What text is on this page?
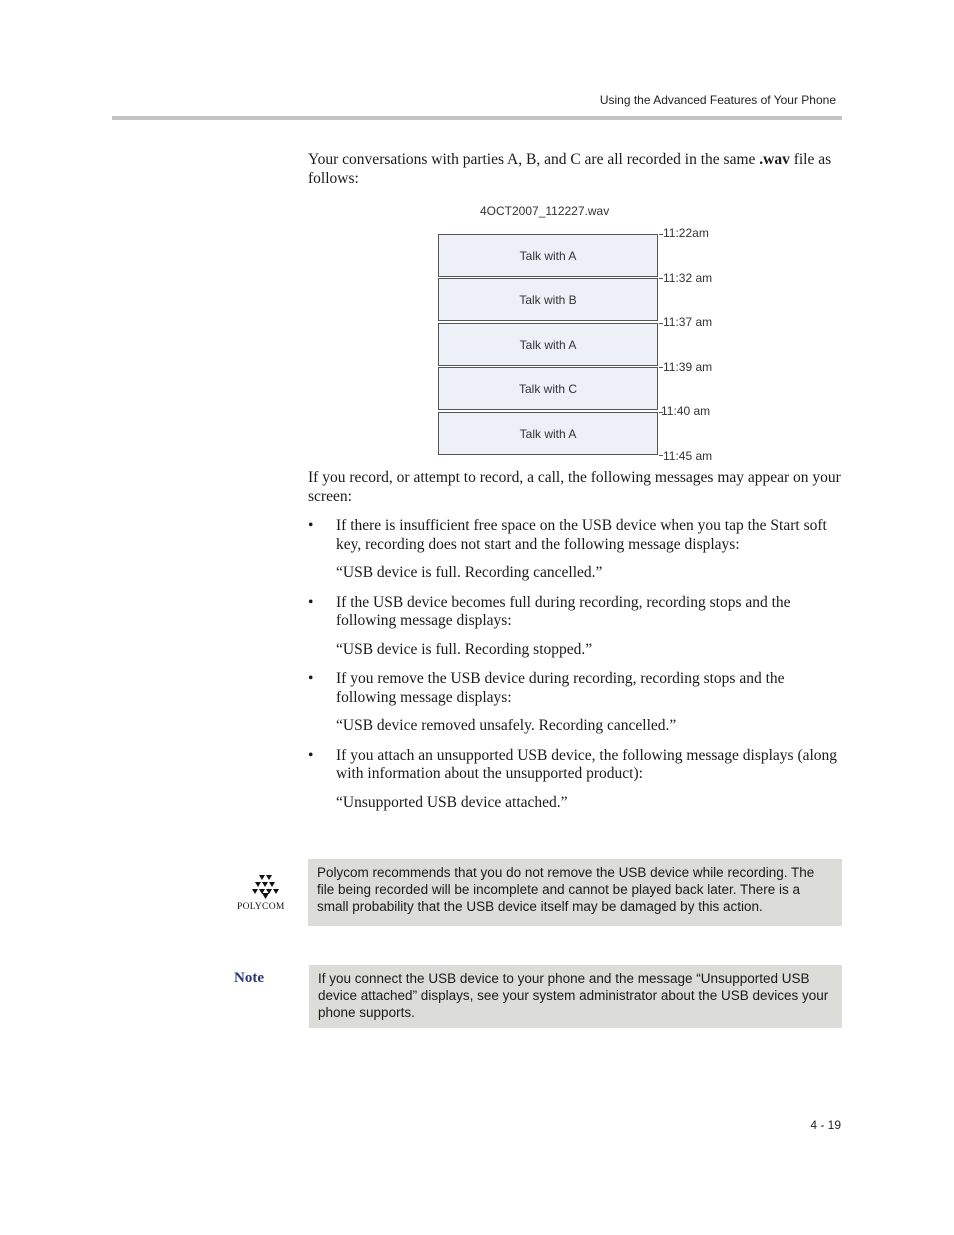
Using the Advanced Features of Your Phone
Your conversations with parties A, B, and C are all recorded in the same .wav file as follows:
4OCT2007_112227.wav
Talk with A
Talk with B
Talk with A
Talk with C
Talk with A
11:22am
11:32 am
11:37 am
11:39 am
11:40 am
11:45 am
If you record, or attempt to record, a call, the following messages may appear on your screen:
• If there is insufficient free space on the USB device when you tap the Start soft key, recording does not start and the following message displays:
“USB device is full. Recording cancelled.”
• If the USB device becomes full during recording, recording stops and the following message displays:
“USB device is full. Recording stopped.”
• If you remove the USB device during recording, recording stops and the following message displays:
“USB device removed unsafely. Recording cancelled.”
• If you attach an unsupported USB device, the following message displays (along with information about the unsupported product):
“Unsupported USB device attached.”
POLYCOM
Polycom recommends that you do not remove the USB device while recording. The file being recorded will be incomplete and cannot be played back later. There is a small probability that the USB device itself may be damaged by this action.
Note	If you connect the USB device to your phone and the message “Unsupported USB device attached” displays, see your system administrator about the USB devices your phone supports.
4 - 19
